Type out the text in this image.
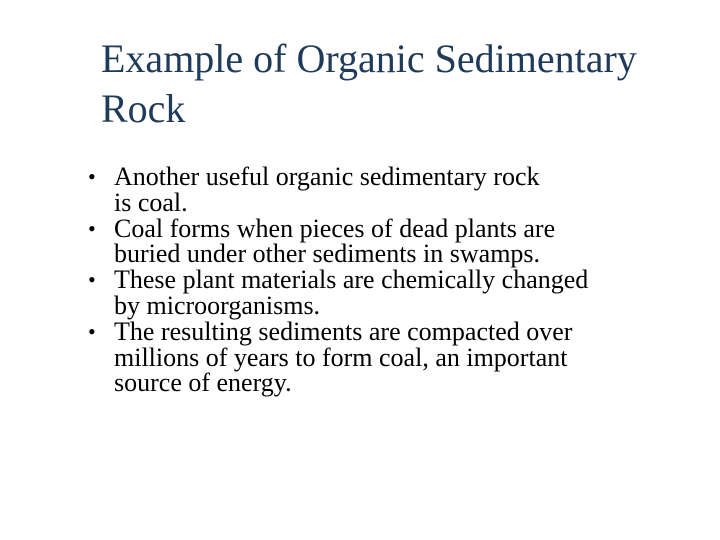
Example of Organic Sedimentary
Rock
• Another useful organic sedimentary rock
is coal.
• Coal forms when pieces of dead plants are
buried under other sediments in swamps.
• These plant materials are chemically changed
by microorganisms.
• The resulting sediments are compacted over
millions of years to form coal, an important
source of energy.
